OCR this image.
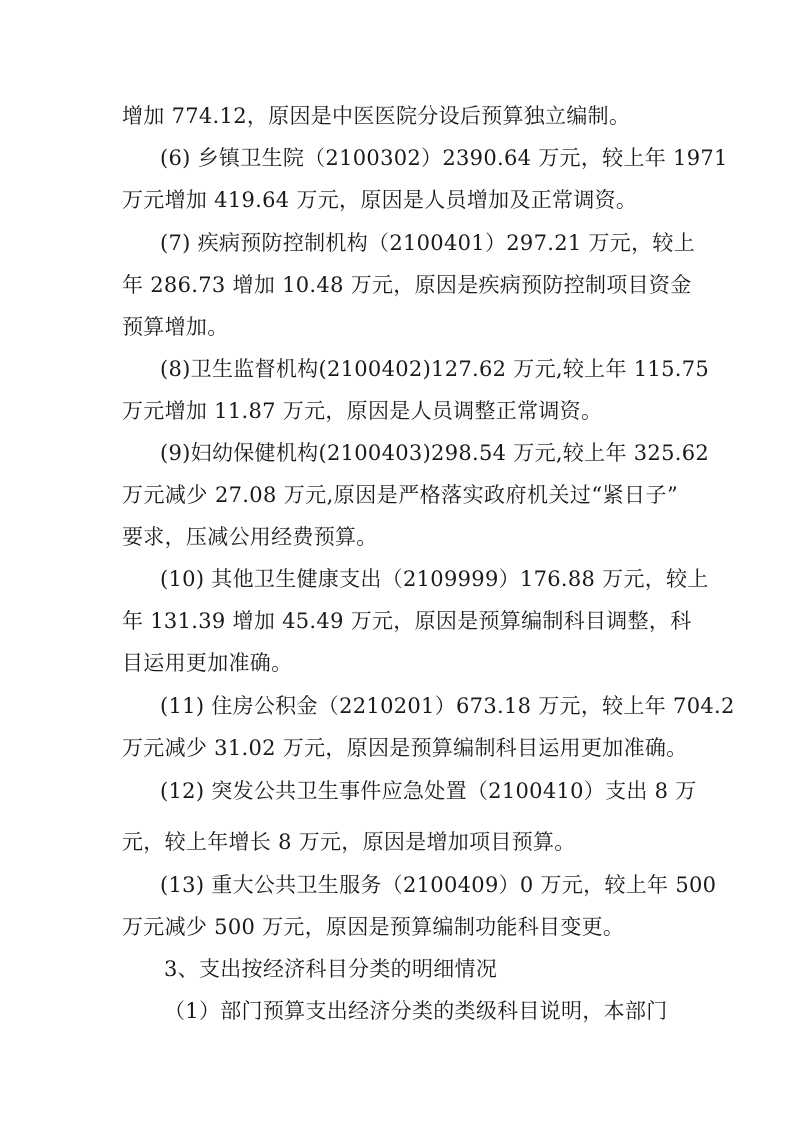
增加 774.12，原因是中医医院分设后预算独立编制。
(6) 乡镇卫生院（2100302）2390.64 万元，较上年 1971
万元增加 419.64 万元，原因是人员增加及正常调资。
(7) 疾病预防控制机构（2100401）297.21 万元，较上
年 286.73 增加 10.48 万元，原因是疾病预防控制项目资金
预算增加。
(8)卫生监督机构(2100402)127.62 万元,较上年 115.75
万元增加 11.87 万元，原因是人员调整正常调资。
(9)妇幼保健机构(2100403)298.54 万元,较上年 325.62
万元减少 27.08 万元,原因是严格落实政府机关过“紧日子”
要求，压减公用经费预算。
(10) 其他卫生健康支出（2109999）176.88 万元，较上
年 131.39 增加 45.49 万元，原因是预算编制科目调整，科
目运用更加准确。
(11) 住房公积金（2210201）673.18 万元，较上年 704.2
万元减少 31.02 万元，原因是预算编制科目运用更加准确。
(12) 突发公共卫生事件应急处置（2100410）支出 8 万
元，较上年增长 8 万元，原因是增加项目预算。
(13) 重大公共卫生服务（2100409）0 万元，较上年 500
万元减少 500 万元，原因是预算编制功能科目变更。
3、支出按经济科目分类的明细情况
（1）部门预算支出经济分类的类级科目说明，本部门
